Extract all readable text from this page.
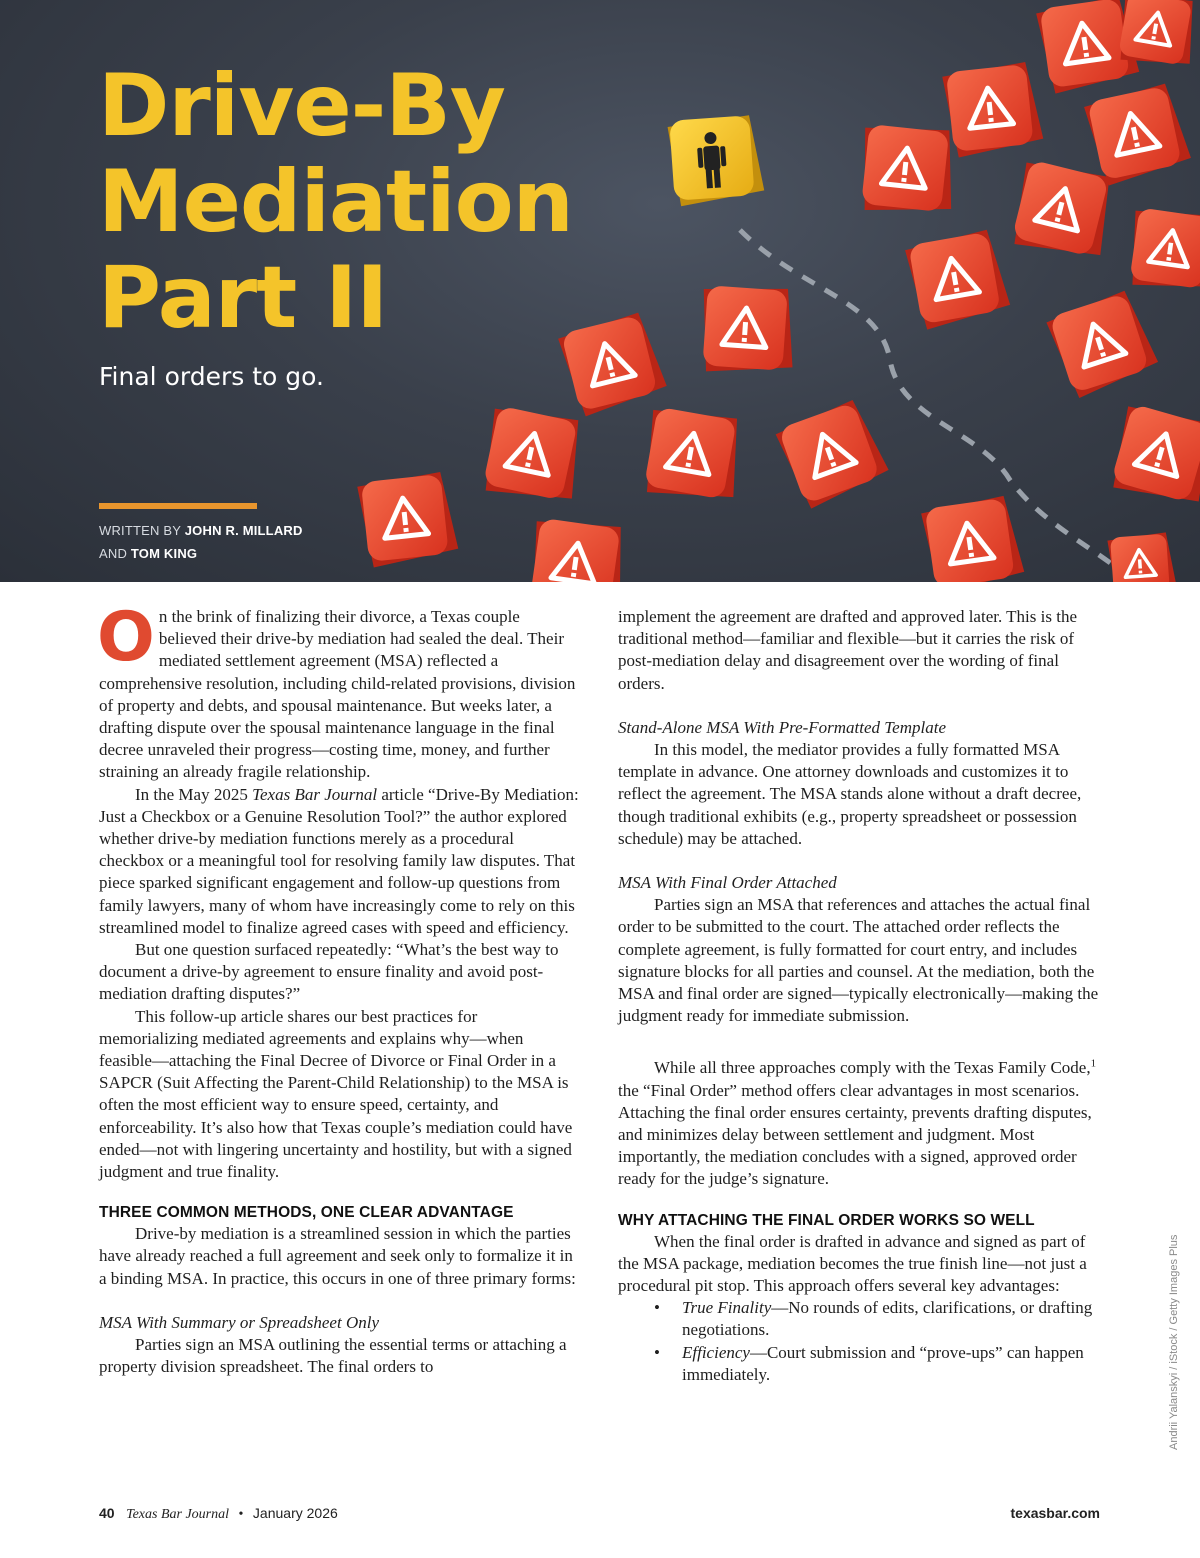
Drive-By
Mediation
Part II
Final orders to go.
WRITTEN BY JOHN R. MILLARD
AND TOM KING

On the brink of finalizing their divorce, a Texas couple believed their drive-by mediation had sealed the deal. Their mediated settlement agreement (MSA) reflected a comprehensive resolution, including child-related provisions, division of property and debts, and spousal maintenance. But weeks later, a drafting dispute over the spousal maintenance language in the final decree unraveled their progress—costing time, money, and further straining an already fragile relationship.

In the May 2025 Texas Bar Journal article “Drive-By Mediation: Just a Checkbox or a Genuine Resolution Tool?” the author explored whether drive-by mediation functions merely as a procedural checkbox or a meaningful tool for resolving family law disputes. That piece sparked significant engagement and follow-up questions from family lawyers, many of whom have increasingly come to rely on this streamlined model to finalize agreed cases with speed and efficiency.

But one question surfaced repeatedly: “What’s the best way to document a drive-by agreement to ensure finality and avoid post-mediation drafting disputes?”

This follow-up article shares our best practices for memorializing mediated agreements and explains why—when feasible—attaching the Final Decree of Divorce or Final Order in a SAPCR (Suit Affecting the Parent-Child Relationship) to the MSA is often the most efficient way to ensure speed, certainty, and enforceability. It’s also how that Texas couple’s mediation could have ended—not with lingering uncertainty and hostility, but with a signed judgment and true finality.

THREE COMMON METHODS, ONE CLEAR ADVANTAGE

Drive-by mediation is a streamlined session in which the parties have already reached a full agreement and seek only to formalize it in a binding MSA. In practice, this occurs in one of three primary forms:

MSA With Summary or Spreadsheet Only

Parties sign an MSA outlining the essential terms or attaching a property division spreadsheet. The final orders to

implement the agreement are drafted and approved later. This is the traditional method—familiar and flexible—but it carries the risk of post-mediation delay and disagreement over the wording of final orders.

Stand-Alone MSA With Pre-Formatted Template

In this model, the mediator provides a fully formatted MSA template in advance. One attorney downloads and customizes it to reflect the agreement. The MSA stands alone without a draft decree, though traditional exhibits (e.g., property spreadsheet or possession schedule) may be attached.

MSA With Final Order Attached

Parties sign an MSA that references and attaches the actual final order to be submitted to the court. The attached order reflects the complete agreement, is fully formatted for court entry, and includes signature blocks for all parties and counsel. At the mediation, both the MSA and final order are signed—typically electronically—making the judgment ready for immediate submission.

While all three approaches comply with the Texas Family Code,$^1$ the “Final Order” method offers clear advantages in most scenarios. Attaching the final order ensures certainty, prevents drafting disputes, and minimizes delay between settlement and judgment. Most importantly, the mediation concludes with a signed, approved order ready for the judge’s signature.

WHY ATTACHING THE FINAL ORDER WORKS SO WELL

When the final order is drafted in advance and signed as part of the MSA package, mediation becomes the true finish line—not just a procedural pit stop. This approach offers several key advantages:

• True Finality—No rounds of edits, clarifications, or drafting negotiations.
• Efficiency—Court submission and “prove-ups” can happen immediately.	Andrii Yalanskyi / iStock / Getty Images Plus
40 Texas Bar Journal • January 2026	texasbar.com
